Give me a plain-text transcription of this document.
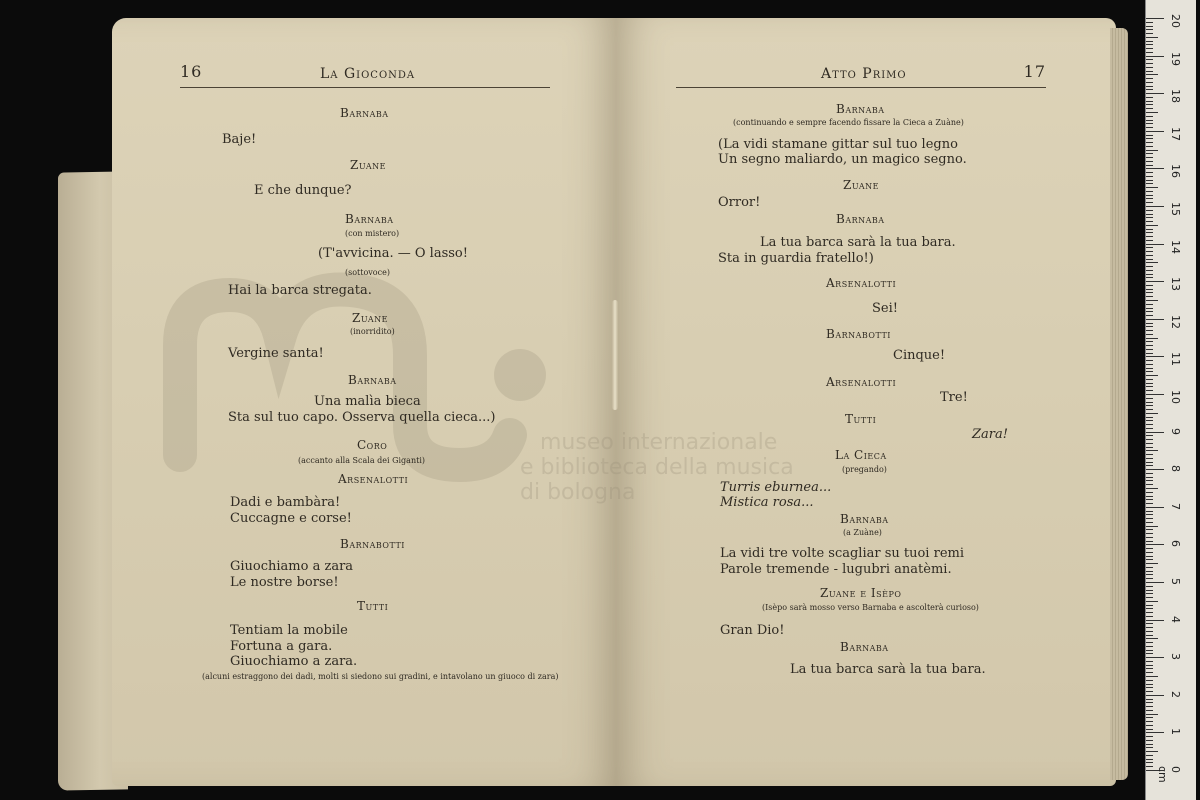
museo internazionale
e biblioteca della musica
di bologna
16	La Gioconda	Atto Primo	17
Barnaba
Baje!
Zuane
E che dunque?
Barnaba
(con mistero)
(T'avvicina. — O lasso!
(sottovoce)
Hai la barca stregata.
Zuane
(inorridito)
Vergine santa!
Barnaba
Una malìa bieca
Sta sul tuo capo. Osserva quella cieca...)
Coro
(accanto alla Scala dei Giganti)
Arsenalotti
Dadi e bambàra!
Cuccagne e corse!
Barnabotti
Giuochiamo a zara
Le nostre borse!
Tutti
Tentiam la mobile
Fortuna a gara.
Giuochiamo a zara.
(alcuni estraggono dei dadi, molti si siedono sui gradini, e intavolano un giuoco di zara)
Barnaba
(continuando e sempre facendo fissare la Cieca a Zuàne)
(La vidi stamane gittar sul tuo legno
Un segno maliardo, un magico segno.
Zuane
Orror!
Barnaba
La tua barca sarà la tua bara.
Sta in guardia fratello!)
Arsenalotti
Sei!
Barnabotti
Cinque!
Arsenalotti
Tre!
Tutti
Zara!
La Cieca
(pregando)
Turris eburnea...
Mistica rosa...
Barnaba
(a Zuàne)
La vidi tre volte scagliar su tuoi remi
Parole tremende - lugubri anatèmi.
Zuane e Isèpo
(Isèpo sarà mosso verso Barnaba e ascolterà curioso)
Gran Dio!
Barnaba
La tua barca sarà la tua bara.
0 cm
1
2
3
4
5
6
7
8
9
10
11
12
13
14
15
16
17
18
19
20
